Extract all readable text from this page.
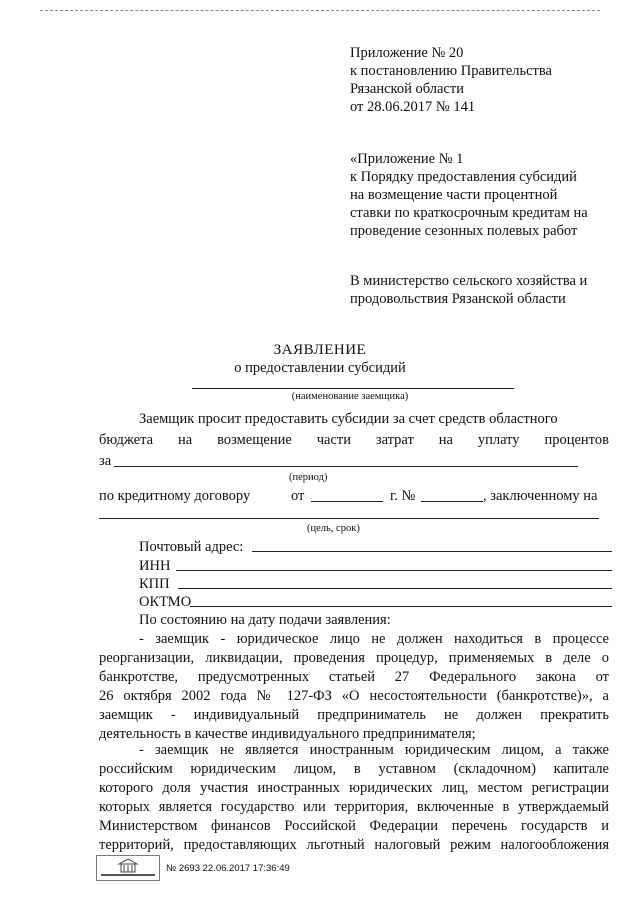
Приложение № 20
к постановлению Правительства
Рязанской области
от 28.06.2017 № 141
«Приложение № 1
к Порядку предоставления субсидий
на возмещение части процентной
ставки по краткосрочным кредитам на
проведение сезонных полевых работ
В министерство сельского хозяйства и
продовольствия Рязанской области
ЗАЯВЛЕНИЕ
о предоставлении субсидий
(наименование заемщика)
Заемщик просит предоставить субсидии за счет средств областного
бюджета на возмещение части затрат на уплату процентов
за
(период)
по кредитному договору	от	г. №	, заключенному на
(цель, срок)
Почтовый адрес:
ИНН
КПП
ОКТМО
По состоянию на дату подачи заявления:
- заемщик - юридическое лицо не должен находиться в процессе
реорганизации, ликвидации, проведения процедур, применяемых в деле о
банкротстве, предусмотренных статьей 27 Федерального закона от
26 октября 2002 года № 127-ФЗ «О несостоятельности (банкротстве)», а
заемщик - индивидуальный предприниматель не должен прекратить
деятельность в качестве индивидуального предпринимателя;
- заемщик не является иностранным юридическим лицом, а также
российским юридическим лицом, в уставном (складочном) капитале
которого доля участия иностранных юридических лиц, местом регистрации
которых является государство или территория, включенные в утверждаемый
Министерством финансов Российской Федерации перечень государств и
территорий, предоставляющих льготный налоговый режим налогообложения
№ 2693 22.06.2017 17:36:49
